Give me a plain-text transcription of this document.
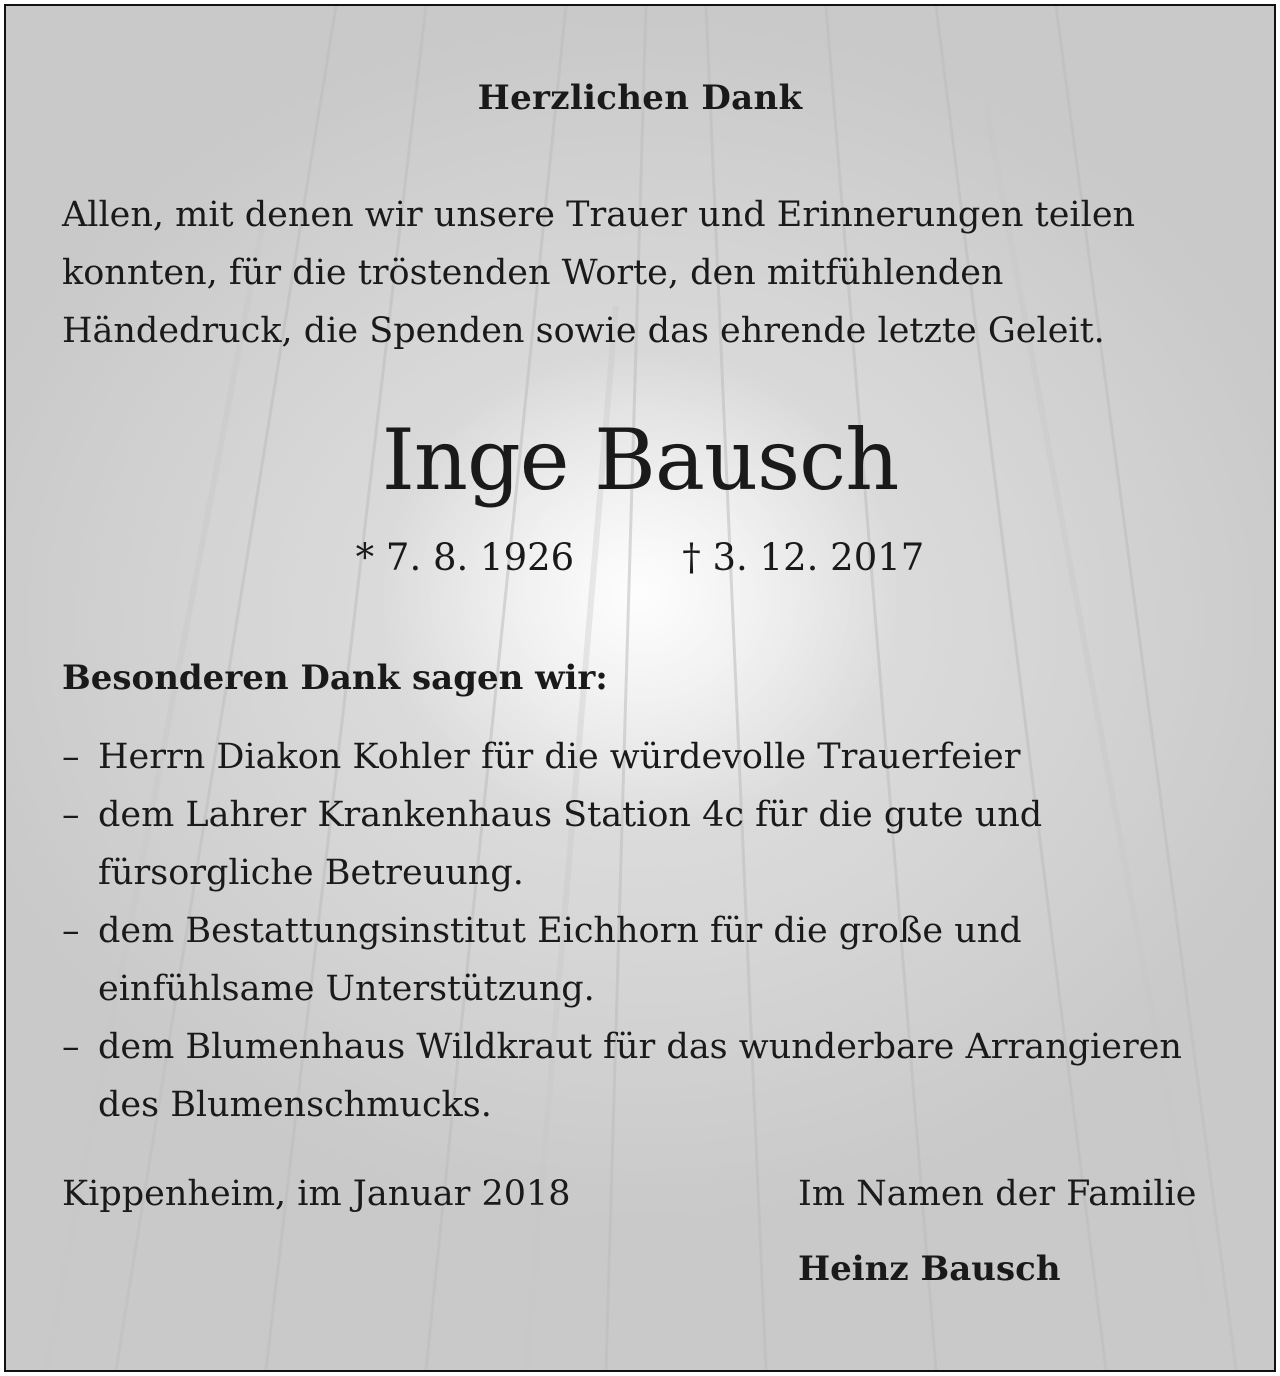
Herzlichen Dank

Allen, mit denen wir unsere Trauer und Erinnerungen teilen konnten, für die tröstenden Worte, den mitfühlenden Händedruck, die Spenden sowie das ehrende letzte Geleit.

Inge Bausch
* 7. 8. 1926	† 3. 12. 2017
Besonderen Dank sagen wir:
– Herrn Diakon Kohler für die würdevolle Trauerfeier
– dem Lahrer Krankenhaus Station 4c für die gute und fürsorgliche Betreuung.
– dem Bestattungsinstitut Eichhorn für die große und einfühlsame Unterstützung.
– dem Blumenhaus Wildkraut für das wunderbare Arrangieren des Blumenschmucks.
Kippenheim, im Januar 2018	Im Namen der Familie
Heinz Bausch
